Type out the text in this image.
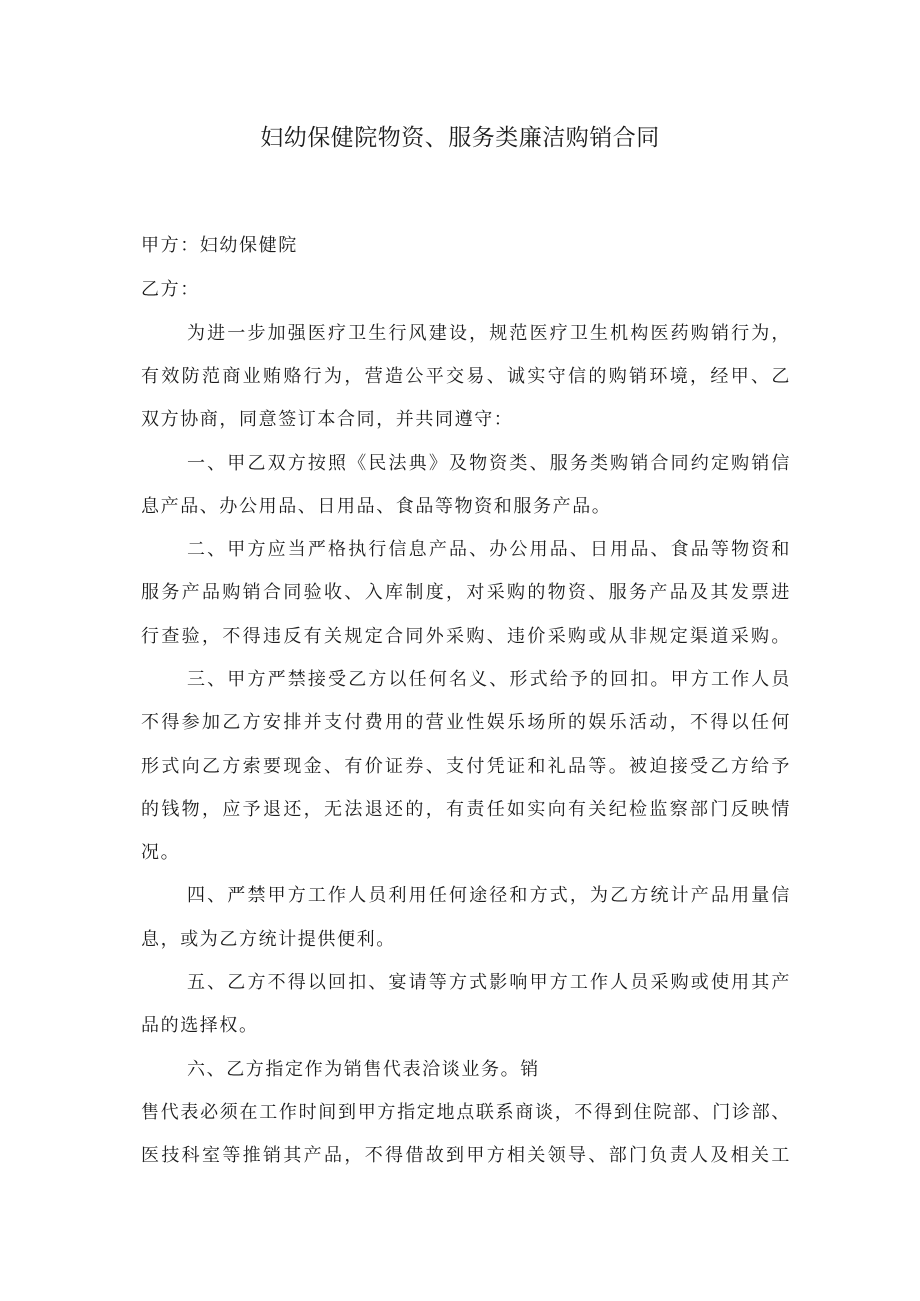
妇幼保健院物资、服务类廉洁购销合同
甲方：妇幼保健院
乙方：
为进一步加强医疗卫生行风建设，规范医疗卫生机构医药购销行为，
有效防范商业贿赂行为，营造公平交易、诚实守信的购销环境，经甲、乙
双方协商，同意签订本合同，并共同遵守：
一、甲乙双方按照《民法典》及物资类、服务类购销合同约定购销信
息产品、办公用品、日用品、食品等物资和服务产品。
二、甲方应当严格执行信息产品、办公用品、日用品、食品等物资和
服务产品购销合同验收、入库制度，对采购的物资、服务产品及其发票进
行查验，不得违反有关规定合同外采购、违价采购或从非规定渠道采购。
三、甲方严禁接受乙方以任何名义、形式给予的回扣。甲方工作人员
不得参加乙方安排并支付费用的营业性娱乐场所的娱乐活动，不得以任何
形式向乙方索要现金、有价证券、支付凭证和礼品等。被迫接受乙方给予
的钱物，应予退还，无法退还的，有责任如实向有关纪检监察部门反映情
况。
四、严禁甲方工作人员利用任何途径和方式，为乙方统计产品用量信
息，或为乙方统计提供便利。
五、乙方不得以回扣、宴请等方式影响甲方工作人员采购或使用其产
品的选择权。
六、乙方指定作为销售代表洽谈业务。销
售代表必须在工作时间到甲方指定地点联系商谈，不得到住院部、门诊部、
医技科室等推销其产品，不得借故到甲方相关领导、部门负责人及相关工
